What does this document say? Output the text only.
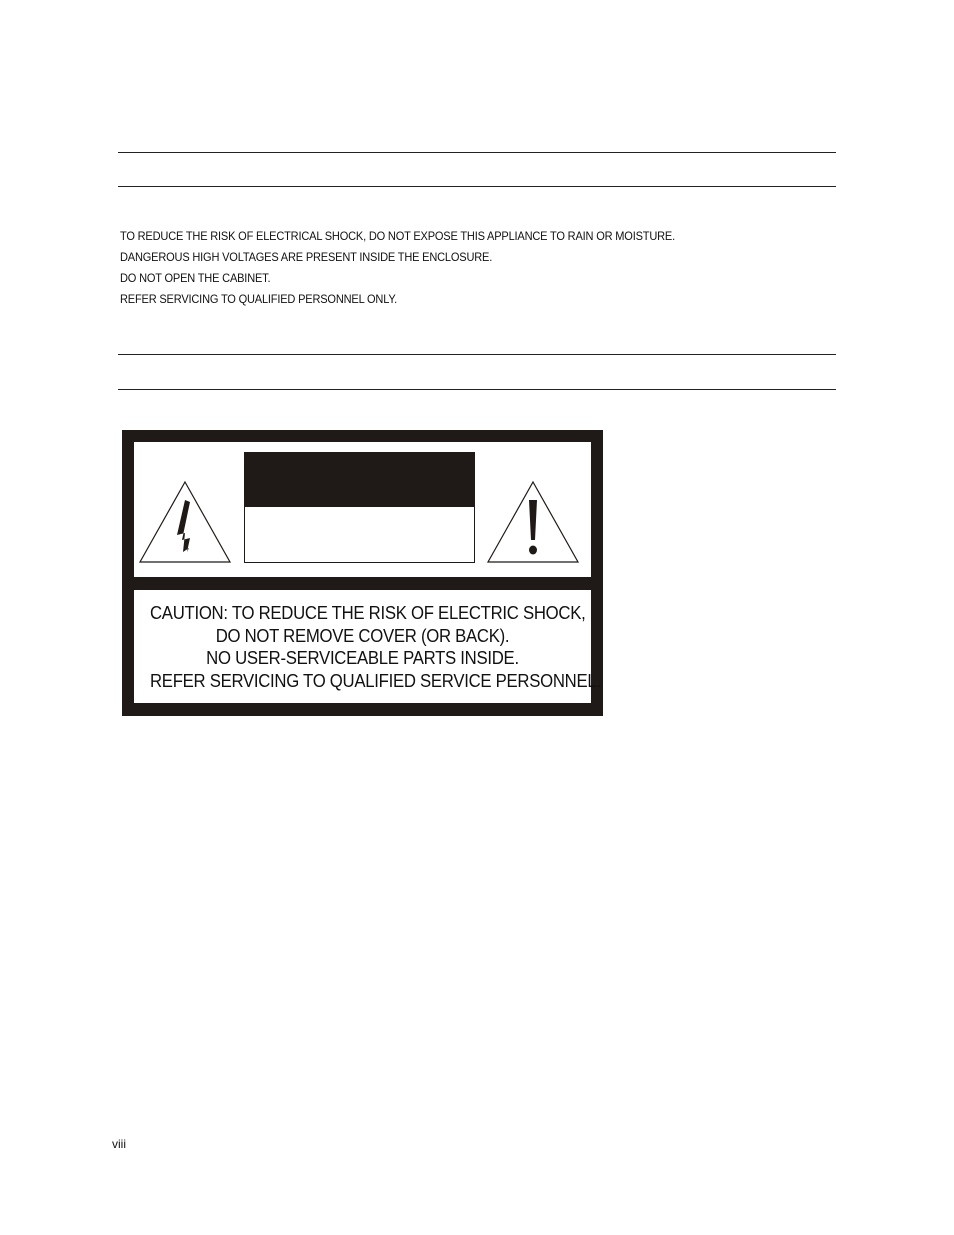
TO REDUCE THE RISK OF ELECTRICAL SHOCK, DO NOT EXPOSE THIS APPLIANCE TO RAIN OR MOISTURE.
DANGEROUS HIGH VOLTAGES ARE PRESENT INSIDE THE ENCLOSURE.
DO NOT OPEN THE CABINET.
REFER SERVICING TO QUALIFIED PERSONNEL ONLY.
CAUTION: TO REDUCE THE RISK OF ELECTRIC SHOCK,
DO NOT REMOVE COVER (OR BACK).
NO USER-SERVICEABLE PARTS INSIDE.
REFER SERVICING TO QUALIFIED SERVICE PERSONNEL.
viii
